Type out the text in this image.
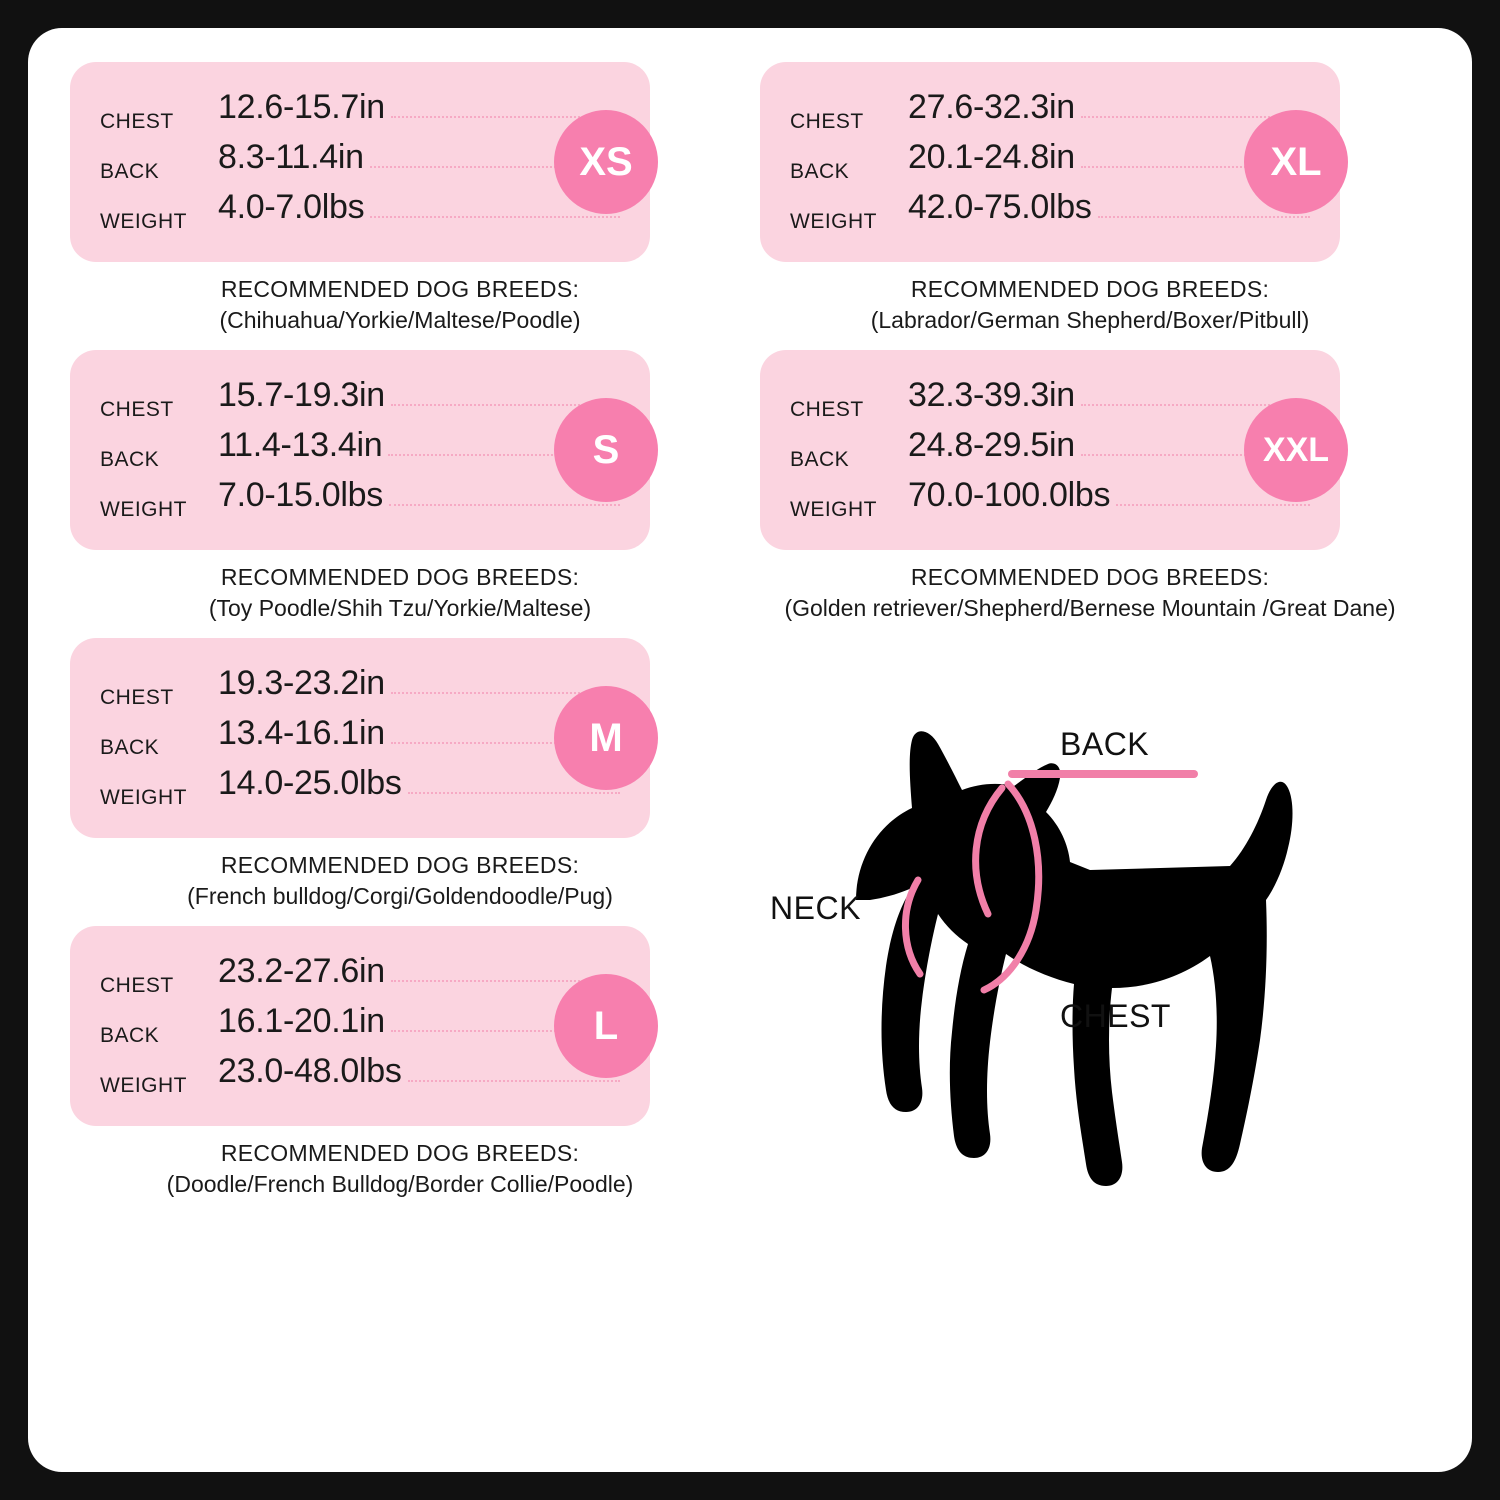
CHEST	12.6-15.7in
BACK	8.3-11.4in
WEIGHT 4.0-7.0lbs
XS
RECOMMENDED DOG BREEDS:
(Chihuahua/Yorkie/Maltese/Poodle)
CHEST	15.7-19.3in
BACK	11.4-13.4in
WEIGHT 7.0-15.0lbs
S
RECOMMENDED DOG BREEDS:
(Toy Poodle/Shih Tzu/Yorkie/Maltese)
CHEST	19.3-23.2in
BACK	13.4-16.1in
WEIGHT 14.0-25.0lbs
M
RECOMMENDED DOG BREEDS:
(French bulldog/Corgi/Goldendoodle/Pug)
CHEST	23.2-27.6in
BACK	16.1-20.1in
WEIGHT 23.0-48.0lbs
L
RECOMMENDED DOG BREEDS:
(Doodle/French Bulldog/Border Collie/Poodle)
CHEST	27.6-32.3in
BACK	20.1-24.8in
WEIGHT 42.0-75.0lbs
XL
RECOMMENDED DOG BREEDS:
(Labrador/German Shepherd/Boxer/Pitbull)
CHEST	32.3-39.3in
BACK	24.8-29.5in
WEIGHT 70.0-100.0lbs
XXL
RECOMMENDED DOG BREEDS:
(Golden retriever/Shepherd/Bernese Mountain /Great Dane)
BACK
NECK
CHEST
